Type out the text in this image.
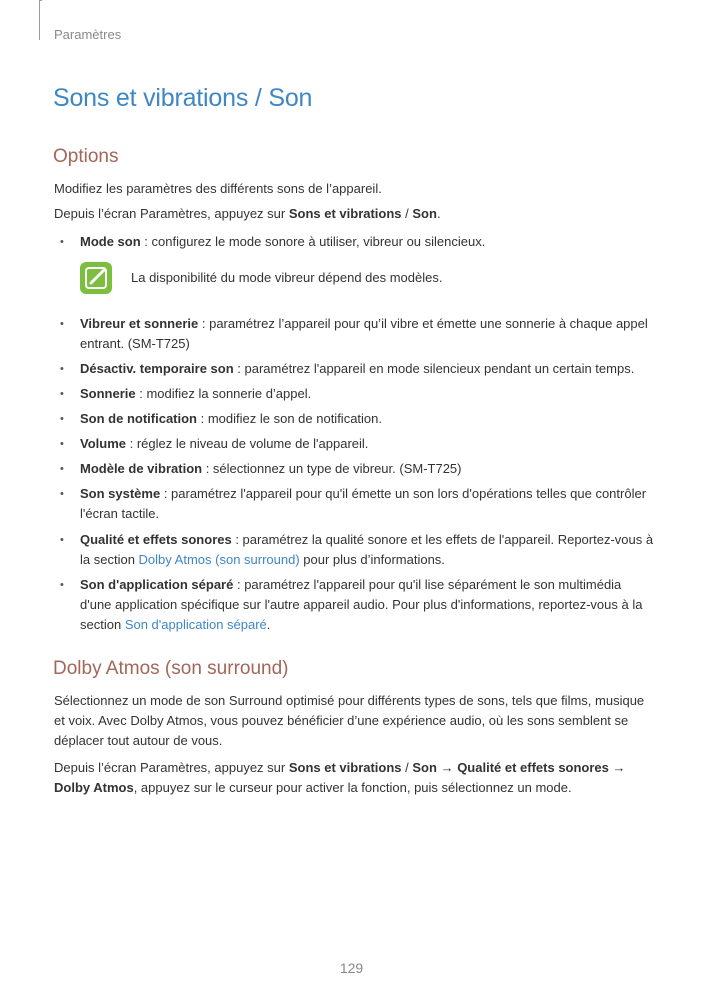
Paramètres
Sons et vibrations / Son
Options

Modifiez les paramètres des différents sons de l’appareil.

Depuis l’écran Paramètres, appuyez sur Sons et vibrations / Son.

•	Mode son : configurez le mode sonore à utiliser, vibreur ou silencieux.
La disponibilité du mode vibreur dépend des modèles.
•	Vibreur et sonnerie : paramétrez l’appareil pour qu’il vibre et émette une sonnerie à chaque appel entrant. (SM-T725)
•	Désactiv. temporaire son : paramétrez l'appareil en mode silencieux pendant un certain temps.
•	Sonnerie : modifiez la sonnerie d’appel.
•	Son de notification : modifiez le son de notification.
•	Volume : réglez le niveau de volume de l'appareil.
•	Modèle de vibration : sélectionnez un type de vibreur. (SM-T725)
•	Son système : paramétrez l'appareil pour qu'il émette un son lors d'opérations telles que contrôler l'écran tactile.
•	Qualité et effets sonores : paramétrez la qualité sonore et les effets de l'appareil. Reportez-vous à la section Dolby Atmos (son surround) pour plus d’informations.
•	Son d'application séparé : paramétrez l'appareil pour qu'il lise séparément le son multimédia d'une application spécifique sur l'autre appareil audio. Pour plus d'informations, reportez-vous à la section Son d'application séparé.
Dolby Atmos (son surround)

Sélectionnez un mode de son Surround optimisé pour différents types de sons, tels que films, musique et voix. Avec Dolby Atmos, vous pouvez bénéficier d’une expérience audio, où les sons semblent se déplacer tout autour de vous.

Depuis l’écran Paramètres, appuyez sur Sons et vibrations / Son → Qualité et effets sonores → Dolby Atmos, appuyez sur le curseur pour activer la fonction, puis sélectionnez un mode.

129
